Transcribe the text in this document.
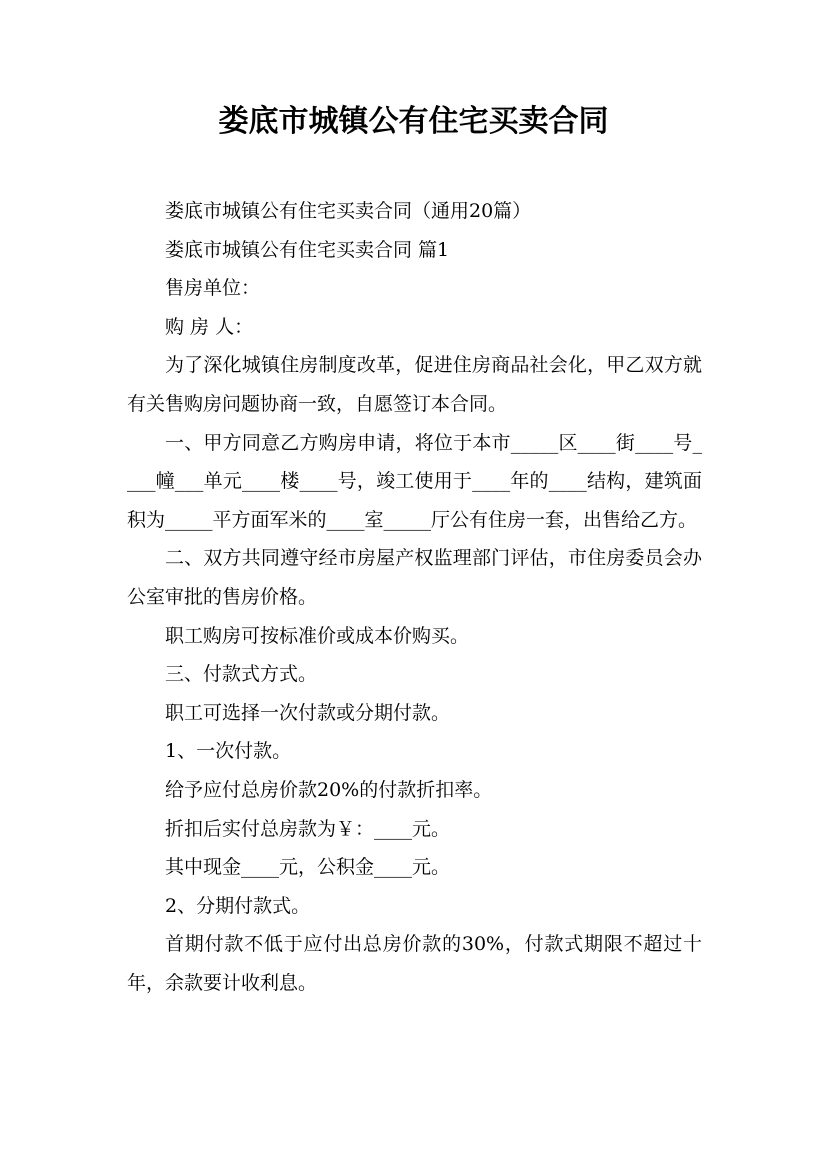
娄底市城镇公有住宅买卖合同

娄底市城镇公有住宅买卖合同（通用20篇）

娄底市城镇公有住宅买卖合同 篇1

售房单位：

购 房 人：

为了深化城镇住房制度改革，促进住房商品社会化，甲乙双方就有关售购房问题协商一致，自愿签订本合同。

一、甲方同意乙方购房申请，将位于本市_____区____街____号____幢___单元____楼____号，竣工使用于____年的____结构，建筑面积为_____平方面军米的____室_____厅公有住房一套，出售给乙方。

二、双方共同遵守经市房屋产权监理部门评估，市住房委员会办公室审批的售房价格。

职工购房可按标准价或成本价购买。

三、付款式方式。

职工可选择一次付款或分期付款。

1、一次付款。

给予应付总房价款20%的付款折扣率。

折扣后实付总房款为￥：____元。

其中现金____元，公积金____元。

2、分期付款式。

首期付款不低于应付出总房价款的30%，付款式期限不超过十年，余款要计收利息。
